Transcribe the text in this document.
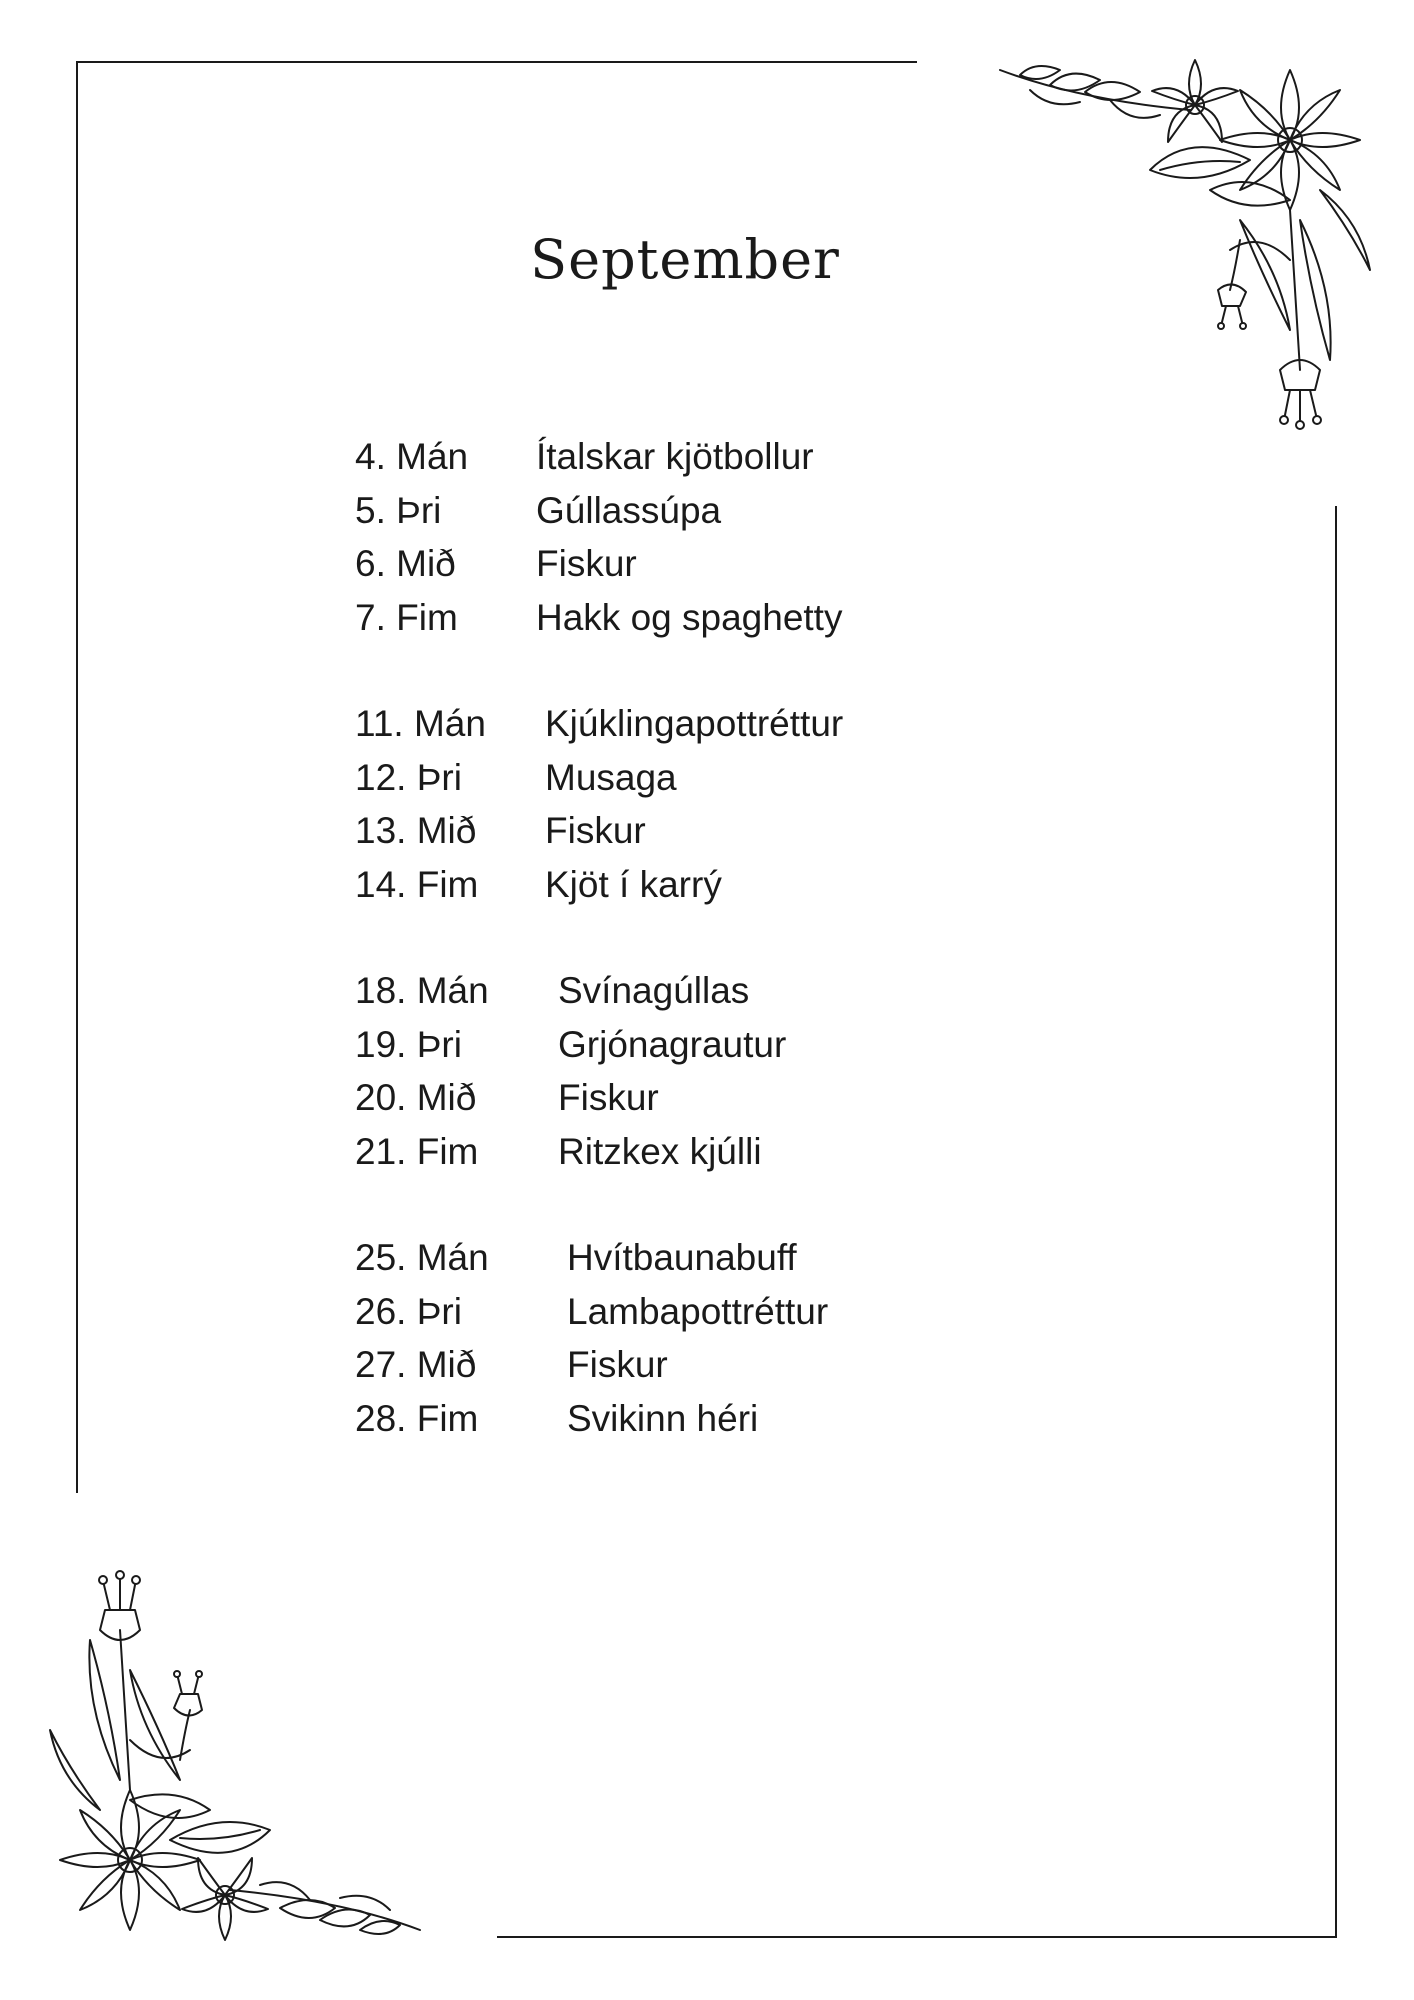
September
4. Mán Ítalskar kjötbollur
5. Þri	Gúllassúpa
6. Mið Fiskur
7. Fim Hakk og spaghetty
11. Mán Kjúklingapottréttur
12. Þri Musaga
13. Mið Fiskur
14. Fim Kjöt í karrý
18. Mán Svínagúllas
19. Þri	Grjónagrautur
20. Mið Fiskur
21. Fim Ritzkex kjúlli
25. Mán Hvítbaunabuff
26. Þri	Lambapottréttur
27. Mið Fiskur
28. Fim Svikinn héri
